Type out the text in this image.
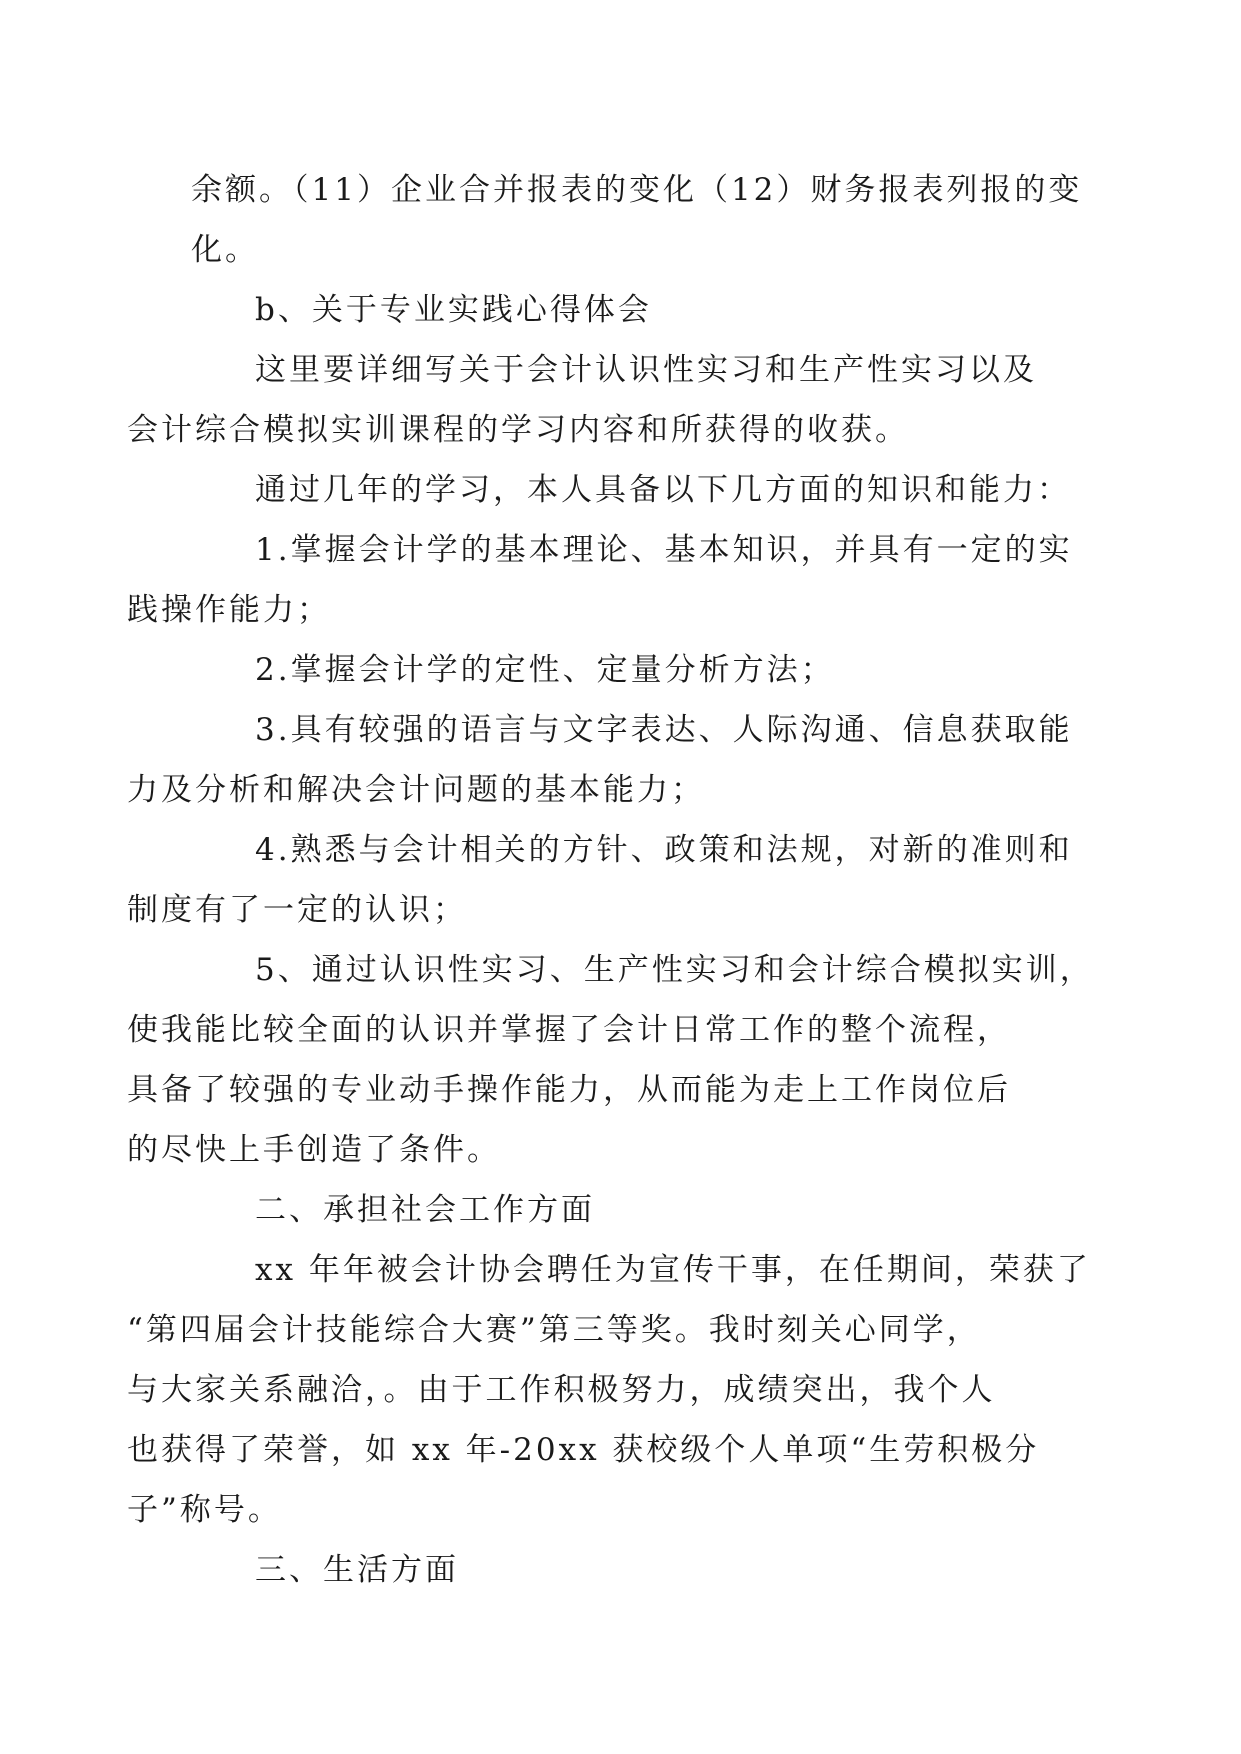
余额。（11）企业合并报表的变化（12）财务报表列报的变
化。

b、关于专业实践心得体会

这里要详细写关于会计认识性实习和生产性实习以及
会计综合模拟实训课程的学习内容和所获得的收获。

通过几年的学习，本人具备以下几方面的知识和能力：

1.掌握会计学的基本理论、基本知识，并具有一定的实
践操作能力；

2.掌握会计学的定性、定量分析方法；

3.具有较强的语言与文字表达、人际沟通、信息获取能
力及分析和解决会计问题的基本能力；

4.熟悉与会计相关的方针、政策和法规，对新的准则和
制度有了一定的认识；

5、通过认识性实习、生产性实习和会计综合模拟实训，
使我能比较全面的认识并掌握了会计日常工作的整个流程，
具备了较强的专业动手操作能力，从而能为走上工作岗位后
的尽快上手创造了条件。

二、承担社会工作方面

xx 年年被会计协会聘任为宣传干事，在任期间，荣获了
“第四届会计技能综合大赛”第三等奖。我时刻关心同学，
与大家关系融洽，。由于工作积极努力，成绩突出，我个人
也获得了荣誉，如 xx 年-20xx 获校级个人单项“生劳积极分
子”称号。

三、生活方面
